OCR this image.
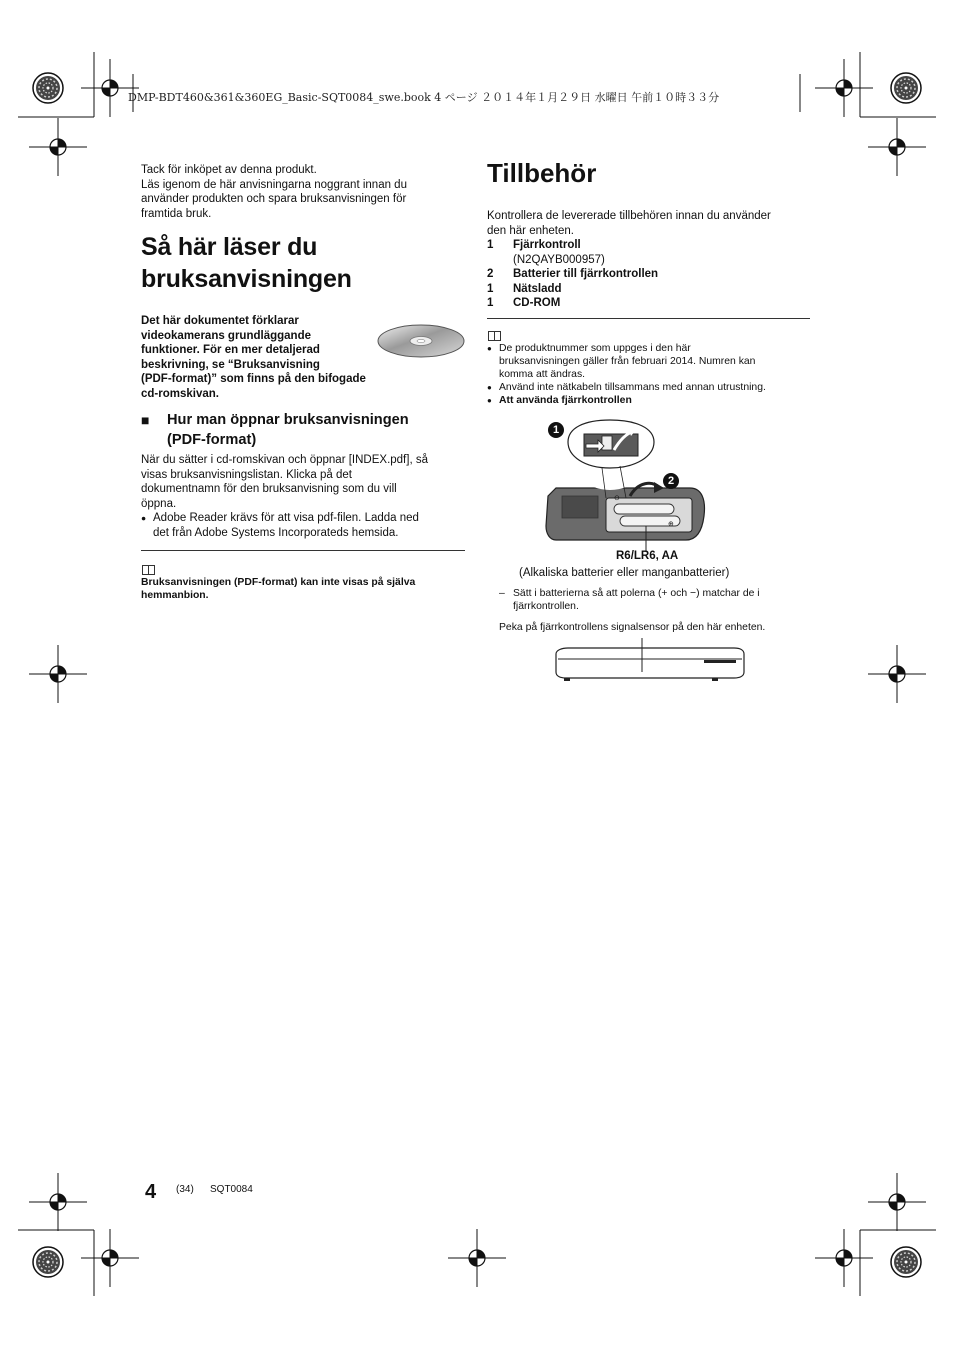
DMP-BDT460&361&360EG_Basic-SQT0084_swe.book 4 ページ ２０１４年１月２９日 水曜日 午前１０時３３分
Tack för inköpet av denna produkt.
Läs igenom de här anvisningarna noggrant innan du
använder produkten och spara bruksanvisningen för
framtida bruk.
Så här läser du
bruksanvisningen
Det här dokumentet förklarar
videokamerans grundläggande
funktioner. För en mer detaljerad
beskrivning, se “Bruksanvisning
(PDF-format)” som finns på den bifogade
cd-romskivan.
■	Hur man öppnar bruksanvisningen
(PDF-format)
När du sätter i cd-romskivan och öppnar [INDEX.pdf], så
visas bruksanvisningslistan. Klicka på det
dokumentnamn för den bruksanvisning som du vill
öppna.
● Adobe Reader krävs för att visa pdf-filen. Ladda ned
det från Adobe Systems Incorporateds hemsida.
Bruksanvisningen (PDF-format) kan inte visas på själva
hemmanbion.
Tillbehör
Kontrollera de levererade tillbehören innan du använder
den här enheten.
1	Fjärrkontroll
(N2QAYB000957)
2	Batterier till fjärrkontrollen
1	Nätsladd
1	CD-ROM
● De produktnummer som uppges i den här
bruksanvisningen gäller från februari 2014. Numren kan
komma att ändras.
● Använd inte nätkabeln tillsammans med annan utrustning.
● Att använda fjärrkontrollen
⊖
⊕
1
2
R6/LR6, AA
(Alkaliska batterier eller manganbatterier)
– Sätt i batterierna så att polerna (+ och −) matchar de i
fjärrkontrollen.
Peka på fjärrkontrollens signalsensor på den här enheten.
4 (34) SQT0084
